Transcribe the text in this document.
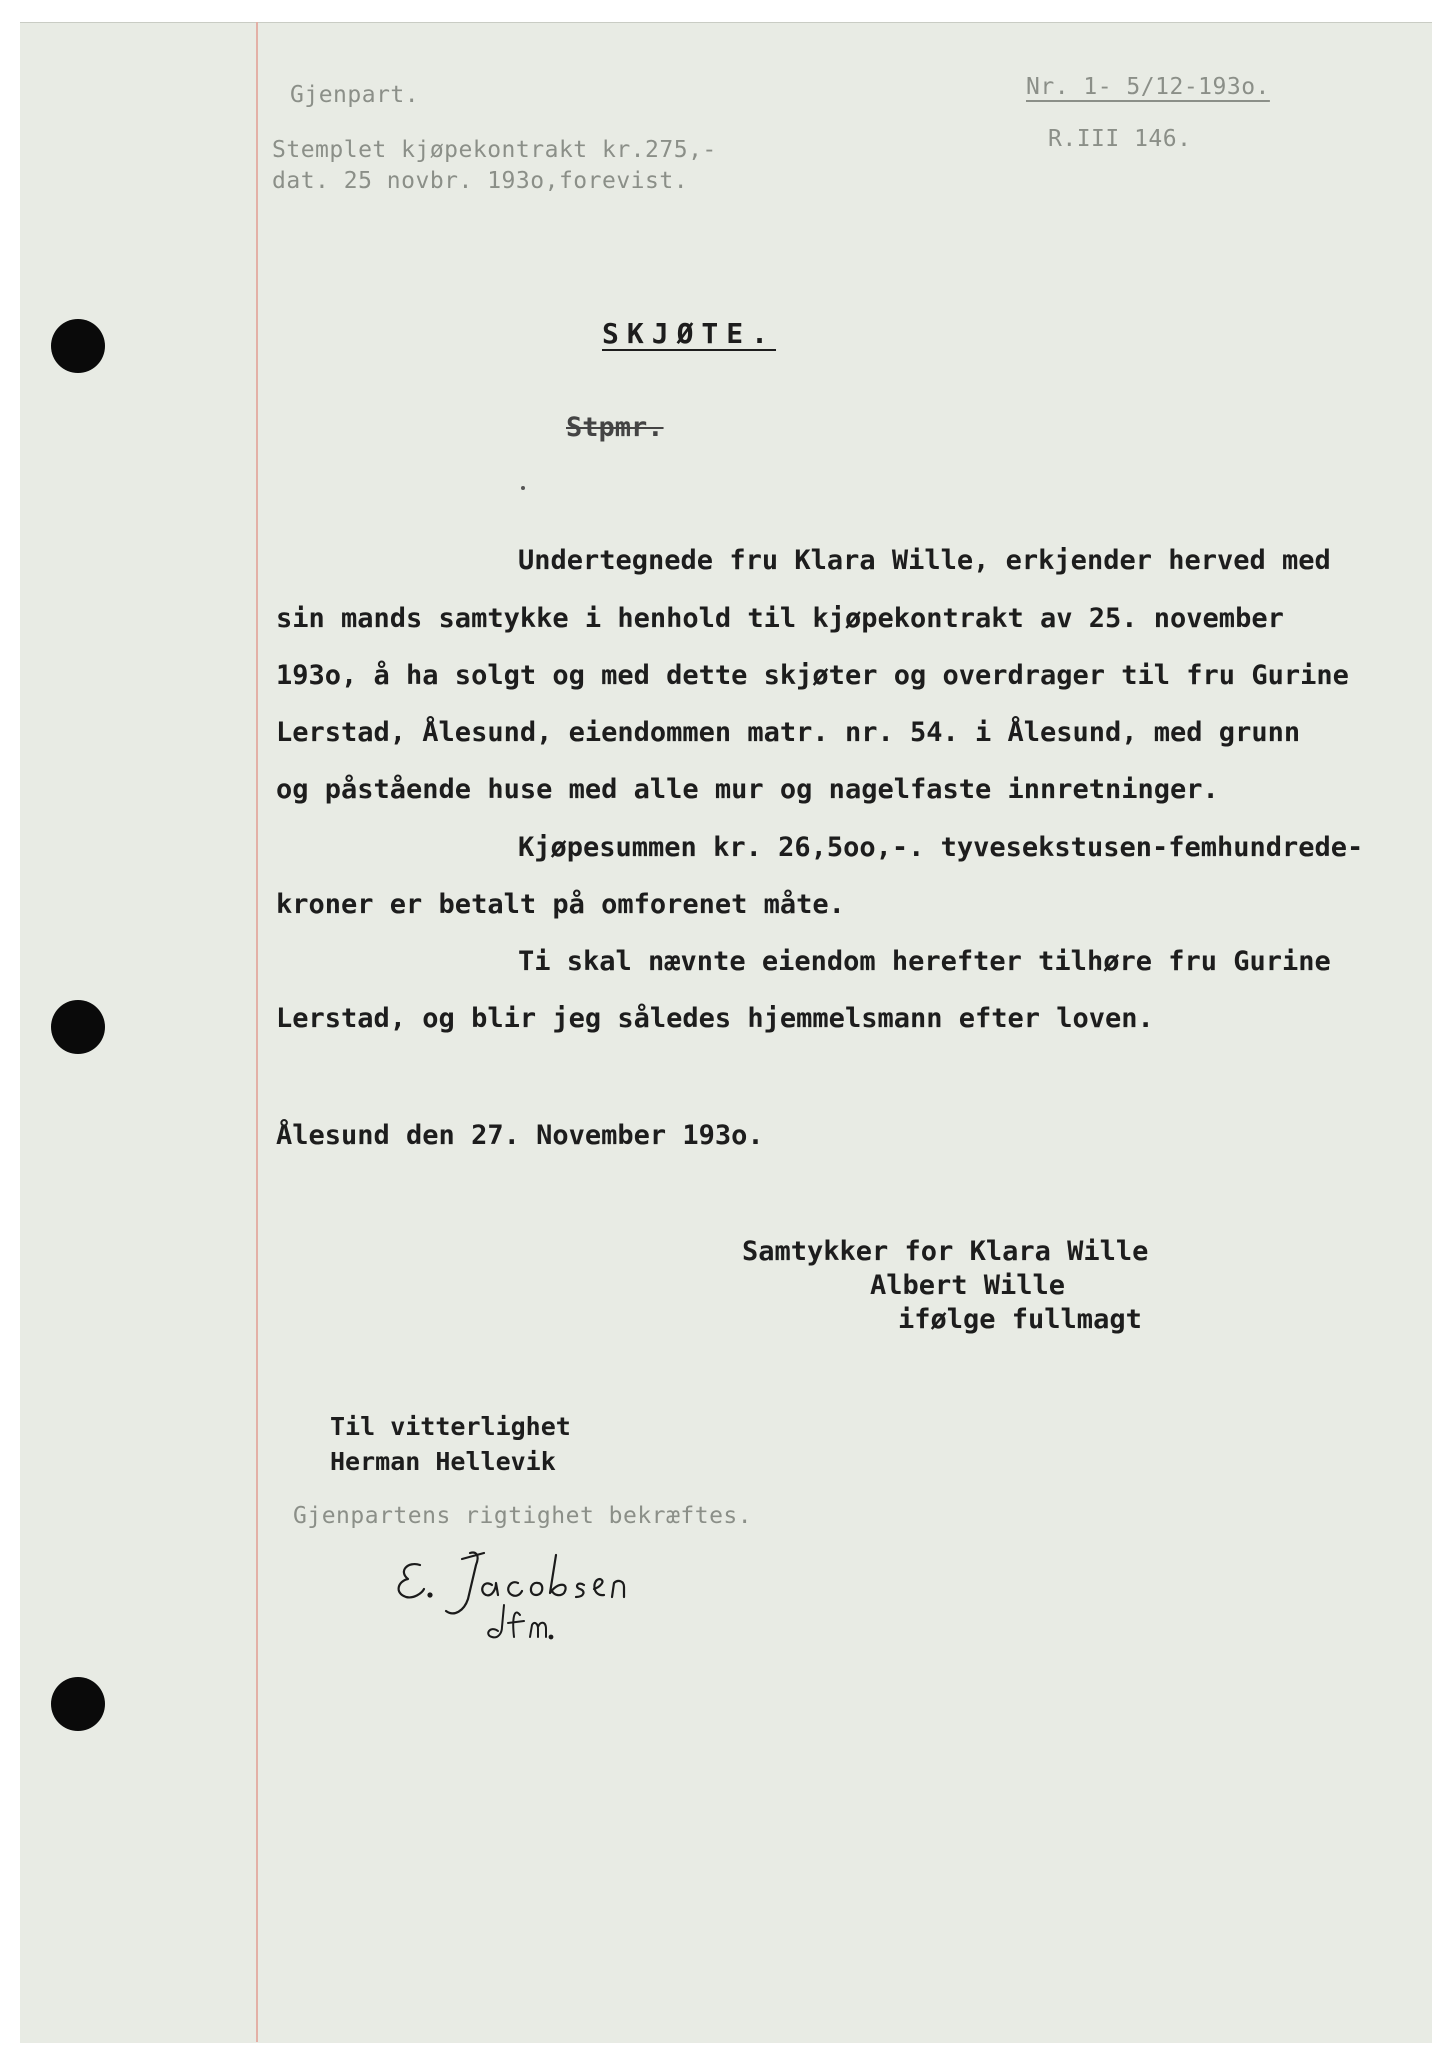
Gjenpart.
Stemplet kjøpekontrakt kr.275,-
dat. 25 novbr. 193o,forevist.
Nr. 1- 5/12-193o.
R.III 146.
SKJØTE.
Stpmr.
Undertegnede fru Klara Wille, erkjender herved med
sin mands samtykke i henhold til kjøpekontrakt av 25. november
193o, å ha solgt og med dette skjøter og overdrager til fru Gurine
Lerstad, Ålesund, eiendommen matr. nr. 54. i Ålesund, med grunn
og påstående huse med alle mur og nagelfaste innretninger.
Kjøpesummen kr. 26,5oo,-. tyvesekstusen-femhundrede-
kroner er betalt på omforenet måte.
Ti skal nævnte eiendom herefter tilhøre fru Gurine
Lerstad, og blir jeg således hjemmelsmann efter loven.
Ålesund den 27. November 193o.
Samtykker for Klara Wille
Albert Wille
ifølge fullmagt
Til vitterlighet
Herman Hellevik
Gjenpartens rigtighet bekræftes.
